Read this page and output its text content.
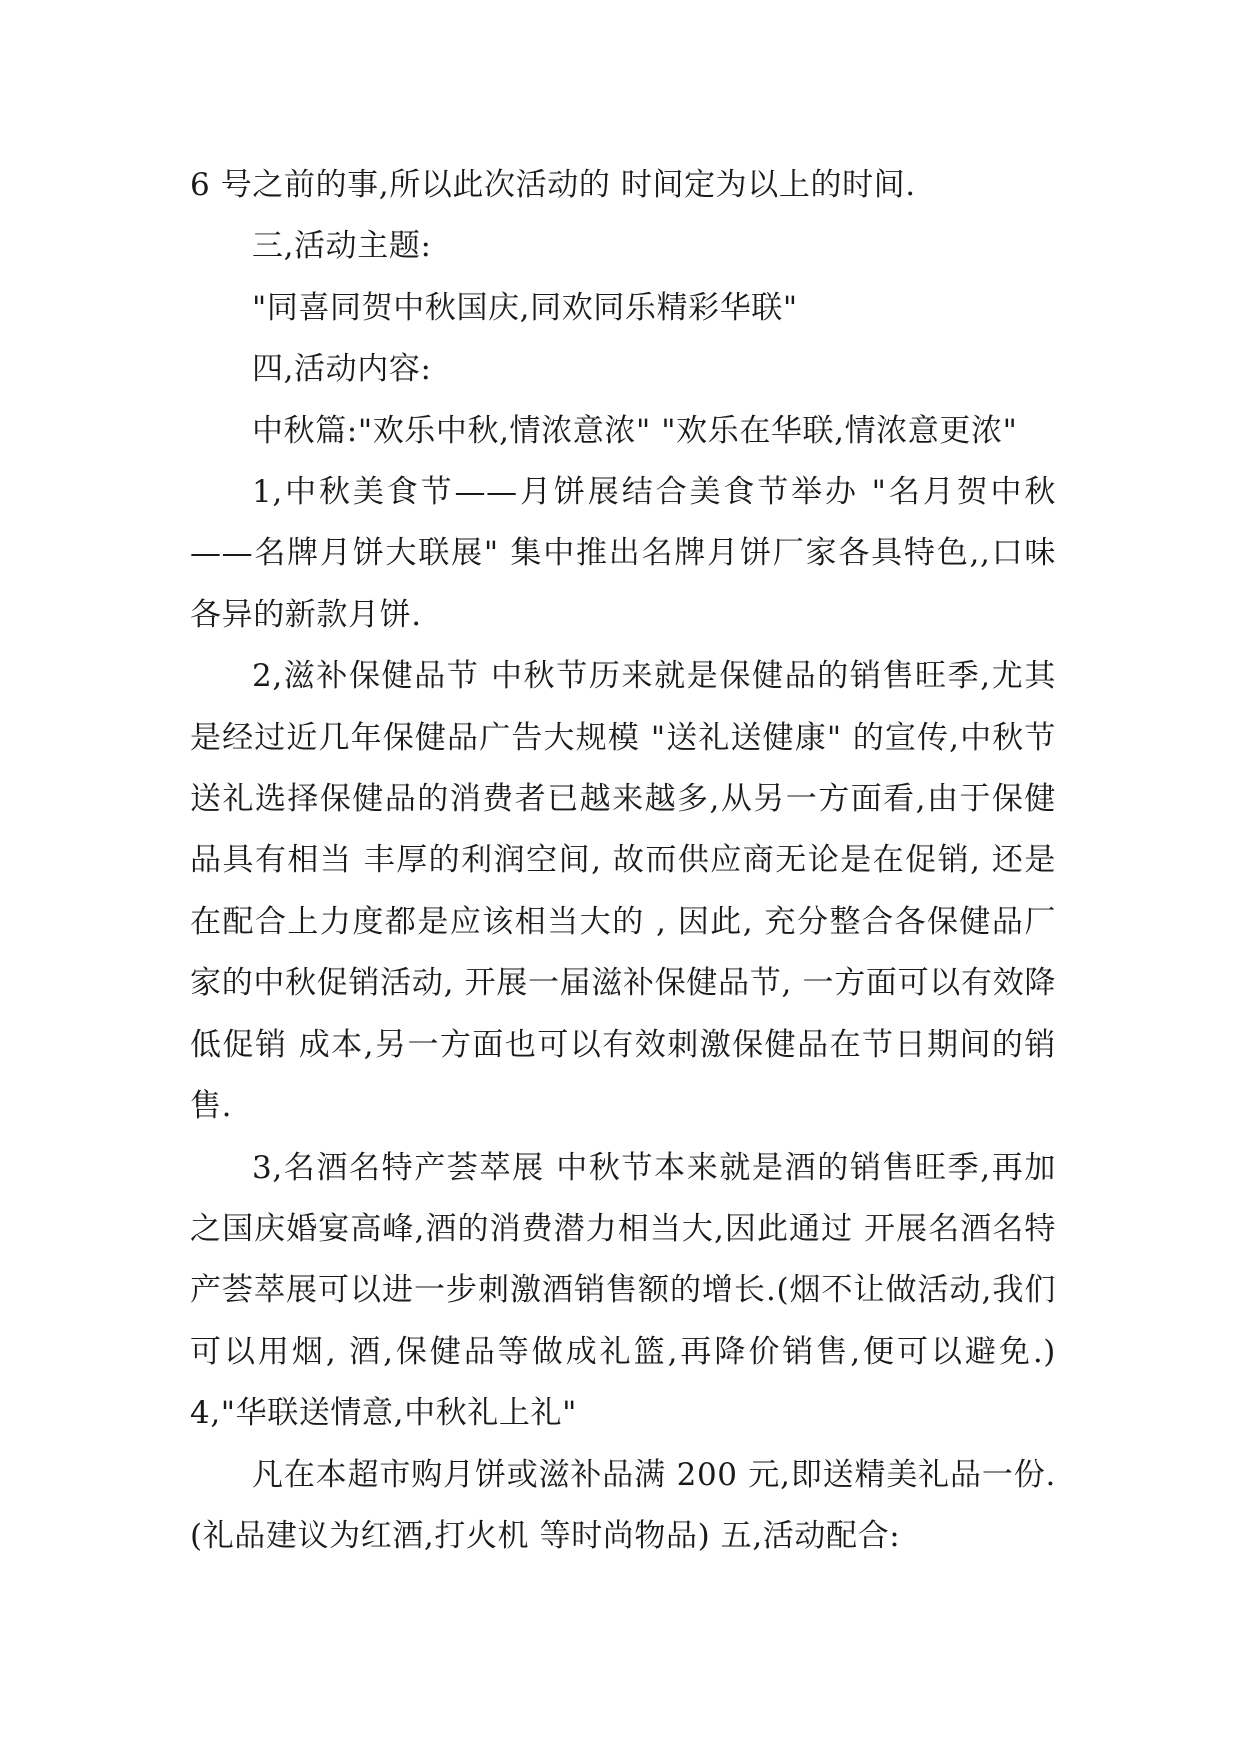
6 号之前的事,所以此次活动的 时间定为以上的时间.

三,活动主题:

"同喜同贺中秋国庆,同欢同乐精彩华联"

四,活动内容:

中秋篇:"欢乐中秋,情浓意浓" "欢乐在华联,情浓意更浓"

1,中秋美食节——月饼展结合美食节举办 "名月贺中秋——名牌月饼大联展" 集中推出名牌月饼厂家各具特色,,口味各异的新款月饼.

2,滋补保健品节 中秋节历来就是保健品的销售旺季,尤其是经过近几年保健品广告大规模 "送礼送健康" 的宣传,中秋节送礼选择保健品的消费者已越来越多,从另一方面看,由于保健品具有相当 丰厚的利润空间, 故而供应商无论是在促销, 还是在配合上力度都是应该相当大的 , 因此, 充分整合各保健品厂家的中秋促销活动, 开展一届滋补保健品节, 一方面可以有效降低促销 成本,另一方面也可以有效刺激保健品在节日期间的销售.

3,名酒名特产荟萃展 中秋节本来就是酒的销售旺季,再加之国庆婚宴高峰,酒的消费潜力相当大,因此通过 开展名酒名特产荟萃展可以进一步刺激酒销售额的增长.(烟不让做活动,我们可以用烟, 酒,保健品等做成礼篮,再降价销售,便可以避免.) 4,"华联送情意,中秋礼上礼"

凡在本超市购月饼或滋补品满 200 元,即送精美礼品一份. (礼品建议为红酒,打火机 等时尚物品) 五,活动配合:
